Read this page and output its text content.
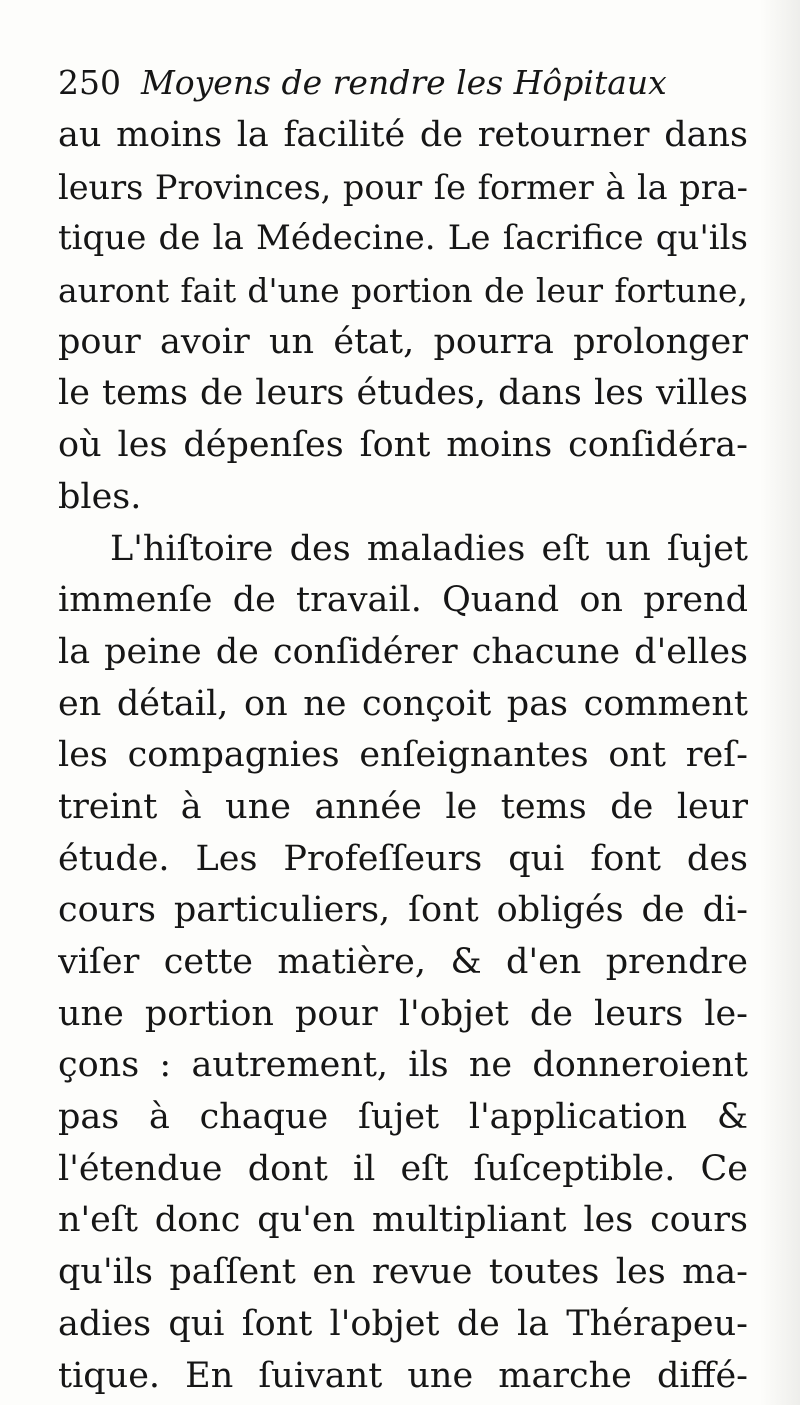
250 Moyens de rendre les Hôpitaux
au moins la facilité de retourner dans
leurs Provinces, pour ſe former à la pra-
tique de la Médecine. Le ſacrifice qu'ils
auront fait d'une portion de leur fortune,
pour avoir un état, pourra prolonger
le tems de leurs études, dans les villes
où les dépenſes ſont moins conſidéra-
bles.
L'hiſtoire des maladies eſt un ſujet
immenſe de travail. Quand on prend
la peine de conſidérer chacune d'elles
en détail, on ne conçoit pas comment
les compagnies enſeignantes ont reſ-
treint à une année le tems de leur
étude. Les Profeſſeurs qui font des
cours particuliers, ſont obligés de di-
viſer cette matière, & d'en prendre
une portion pour l'objet de leurs le-
çons : autrement, ils ne donneroient
pas à chaque ſujet l'application &
l'étendue dont il eſt ſuſceptible. Ce
n'eſt donc qu'en multipliant les cours
qu'ils paſſent en revue toutes les ma-
adies qui ſont l'objet de la Thérapeu-
tique. En ſuivant une marche diffé-
